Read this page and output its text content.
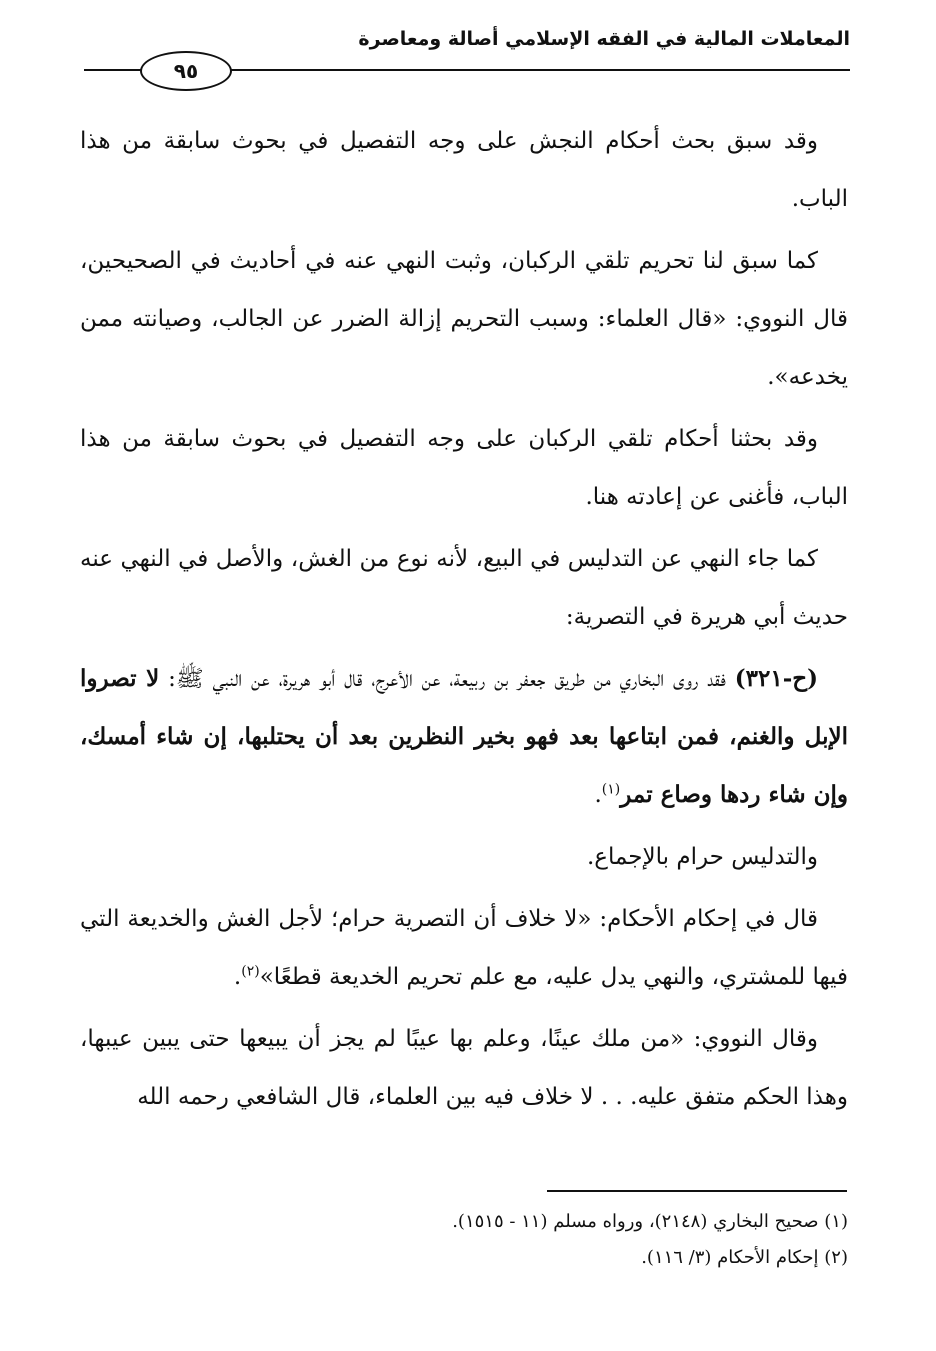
المعاملات المالية في الفقه الإسلامي أصالة ومعاصرة
٩٥

وقد سبق بحث أحكام النجش على وجه التفصيل في بحوث سابقة من هذا الباب.

كما سبق لنا تحريم تلقي الركبان، وثبت النهي عنه في أحاديث في الصحيحين، قال النووي: «قال العلماء: وسبب التحريم إزالة الضرر عن الجالب، وصيانته ممن يخدعه».

وقد بحثنا أحكام تلقي الركبان على وجه التفصيل في بحوث سابقة من هذا الباب، فأغنى عن إعادته هنا.

كما جاء النهي عن التدليس في البيع، لأنه نوع من الغش، والأصل في النهي عنه حديث أبي هريرة في التصرية:

(ح-٣٢١) فقد روى البخاري من طريق جعفر بن ربيعة، عن الأعرج، قال أبو هريرة، عن النبي ﷺ: لا تصروا الإبل والغنم، فمن ابتاعها بعد فهو بخير النظرين بعد أن يحتلبها، إن شاء أمسك، وإن شاء ردها وصاع تمر$^{(١)}$.

والتدليس حرام بالإجماع.

قال في إحكام الأحكام: «لا خلاف أن التصرية حرام؛ لأجل الغش والخديعة التي فيها للمشتري، والنهي يدل عليه، مع علم تحريم الخديعة قطعًا»$^{(٢)}$.

وقال النووي: «من ملك عينًا، وعلم بها عيبًا لم يجز أن يبيعها حتى يبين عيبها، وهذا الحكم متفق عليه. . . لا خلاف فيه بين العلماء، قال الشافعي رحمه الله

(١) صحيح البخاري (٢١٤٨)، ورواه مسلم (١١ - ١٥١٥).
(٢) إحكام الأحكام (٣/ ١١٦).
